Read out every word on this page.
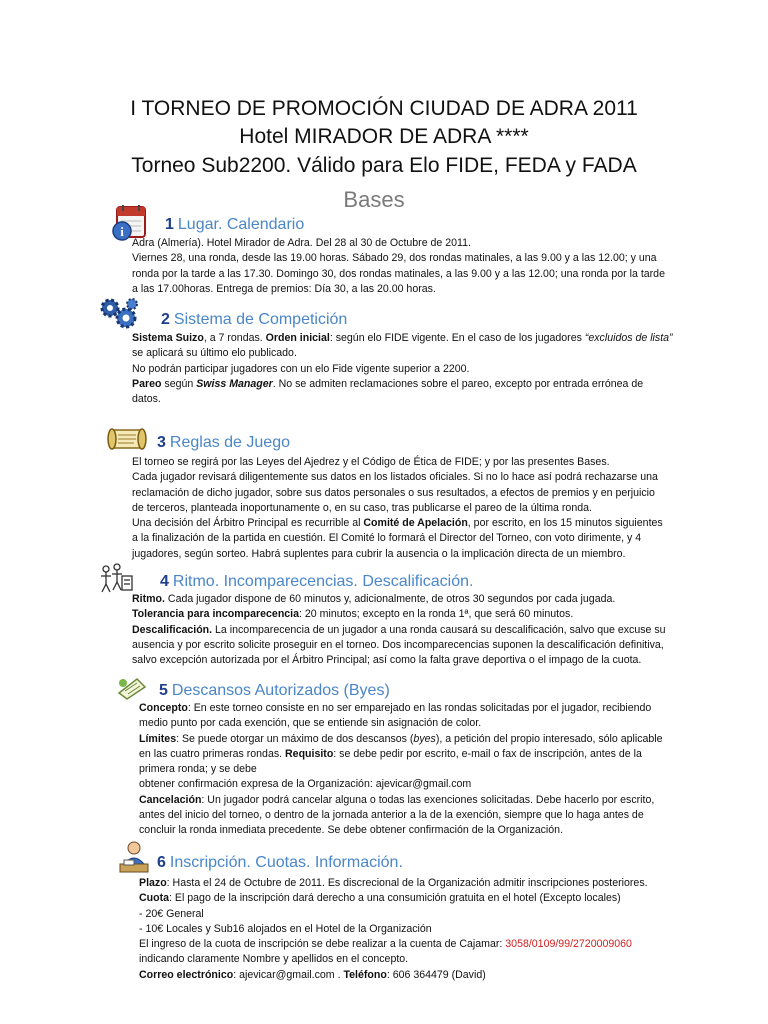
I TORNEO DE PROMOCIÓN CIUDAD DE ADRA 2011
Hotel MIRADOR DE ADRA ****
Torneo Sub2200. Válido para Elo FIDE, FEDA y FADA
Bases
i	1 Lugar. Calendario
Adra (Almería). Hotel Mirador de Adra. Del 28 al 30 de Octubre de 2011.
Viernes 28, una ronda, desde las 19.00 horas. Sábado 29, dos rondas matinales, a las 9.00 y a las 12.00; y una
ronda por la tarde a las 17.30. Domingo 30, dos rondas matinales, a las 9.00 y a las 12.00; una ronda por la tarde
a las 17.00horas. Entrega de premios: Día 30, a las 20.00 horas.
2 Sistema de Competición
Sistema Suizo, a 7 rondas. Orden inicial: según elo FIDE vigente. En el caso de los jugadores “excluidos de lista”
se aplicará su último elo publicado.
No podrán participar jugadores con un elo Fide vigente superior a 2200.
Pareo según Swiss Manager. No se admiten reclamaciones sobre el pareo, excepto por entrada errónea de
datos.
3 Reglas de Juego
El torneo se regirá por las Leyes del Ajedrez y el Código de Ética de FIDE; y por las presentes Bases.
Cada jugador revisará diligentemente sus datos en los listados oficiales. Si no lo hace así podrá rechazarse una
reclamación de dicho jugador, sobre sus datos personales o sus resultados, a efectos de premios y en perjuicio
de terceros, planteada inoportunamente o, en su caso, tras publicarse el pareo de la última ronda.
Una decisión del Árbitro Principal es recurrible al Comité de Apelación, por escrito, en los 15 minutos siguientes
a la finalización de la partida en cuestión. El Comité lo formará el Director del Torneo, con voto dirimente, y 4
jugadores, según sorteo. Habrá suplentes para cubrir la ausencia o la implicación directa de un miembro.
4 Ritmo. Incomparecencias. Descalificación.
Ritmo. Cada jugador dispone de 60 minutos y, adicionalmente, de otros 30 segundos por cada jugada.
Tolerancia para incomparecencia: 20 minutos; excepto en la ronda 1ª, que será 60 minutos.
Descalificación. La incomparecencia de un jugador a una ronda causará su descalificación, salvo que excuse su
ausencia y por escrito solicite proseguir en el torneo. Dos incomparecencias suponen la descalificación definitiva,
salvo excepción autorizada por el Árbitro Principal; así como la falta grave deportiva o el impago de la cuota.
5 Descansos Autorizados (Byes)
Concepto: En este torneo consiste en no ser emparejado en las rondas solicitadas por el jugador, recibiendo
medio punto por cada exención, que se entiende sin asignación de color.
Límites: Se puede otorgar un máximo de dos descansos (byes), a petición del propio interesado, sólo aplicable
en las cuatro primeras rondas. Requisito: se debe pedir por escrito, e-mail o fax de inscripción, antes de la
primera ronda; y se debe
obtener confirmación expresa de la Organización: ajevicar@gmail.com
Cancelación: Un jugador podrá cancelar alguna o todas las exenciones solicitadas. Debe hacerlo por escrito,
antes del inicio del torneo, o dentro de la jornada anterior a la de la exención, siempre que lo haga antes de
concluir la ronda inmediata precedente. Se debe obtener confirmación de la Organización.
6 Inscripción. Cuotas. Información.
Plazo: Hasta el 24 de Octubre de 2011. Es discrecional de la Organización admitir inscripciones posteriores.
Cuota: El pago de la inscripción dará derecho a una consumición gratuita en el hotel (Excepto locales)
- 20€ General
- 10€ Locales y Sub16 alojados en el Hotel de la Organización
El ingreso de la cuota de inscripción se debe realizar a la cuenta de Cajamar: 3058/0109/99/2720009060
indicando claramente Nombre y apellidos en el concepto.
Correo electrónico: ajevicar@gmail.com . Teléfono: 606 364479 (David)
